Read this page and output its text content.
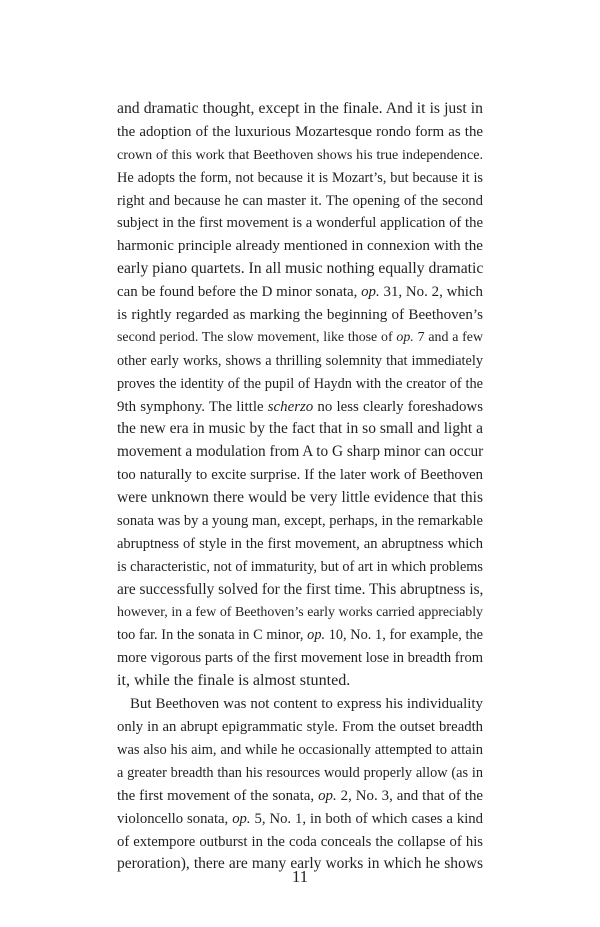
and dramatic thought, except in the finale. And it is just in
the adoption of the luxurious Mozartesque rondo form as the
crown of this work that Beethoven shows his true independence.
He adopts the form, not because it is Mozart’s, but because it is
right and because he can master it. The opening of the second
subject in the first movement is a wonderful application of the
harmonic principle already mentioned in connexion with the
early piano quartets. In all music nothing equally dramatic
can be found before the D minor sonata, op. 31, No. 2, which
is rightly regarded as marking the beginning of Beethoven’s
second period. The slow movement, like those of op. 7 and a few
other early works, shows a thrilling solemnity that immediately
proves the identity of the pupil of Haydn with the creator of the
9th symphony. The little scherzo no less clearly foreshadows
the new era in music by the fact that in so small and light a
movement a modulation from A to G sharp minor can occur
too naturally to excite surprise. If the later work of Beethoven
were unknown there would be very little evidence that this
sonata was by a young man, except, perhaps, in the remarkable
abruptness of style in the first movement, an abruptness which
is characteristic, not of immaturity, but of art in which problems
are successfully solved for the first time. This abruptness is,
however, in a few of Beethoven’s early works carried appreciably
too far. In the sonata in C minor, op. 10, No. 1, for example, the
more vigorous parts of the first movement lose in breadth from
it, while the finale is almost stunted.
But Beethoven was not content to express his individuality
only in an abrupt epigrammatic style. From the outset breadth
was also his aim, and while he occasionally attempted to attain
a greater breadth than his resources would properly allow (as in
the first movement of the sonata, op. 2, No. 3, and that of the
violoncello sonata, op. 5, No. 1, in both of which cases a kind
of extempore outburst in the coda conceals the collapse of his
peroration), there are many early works in which he shows
11
